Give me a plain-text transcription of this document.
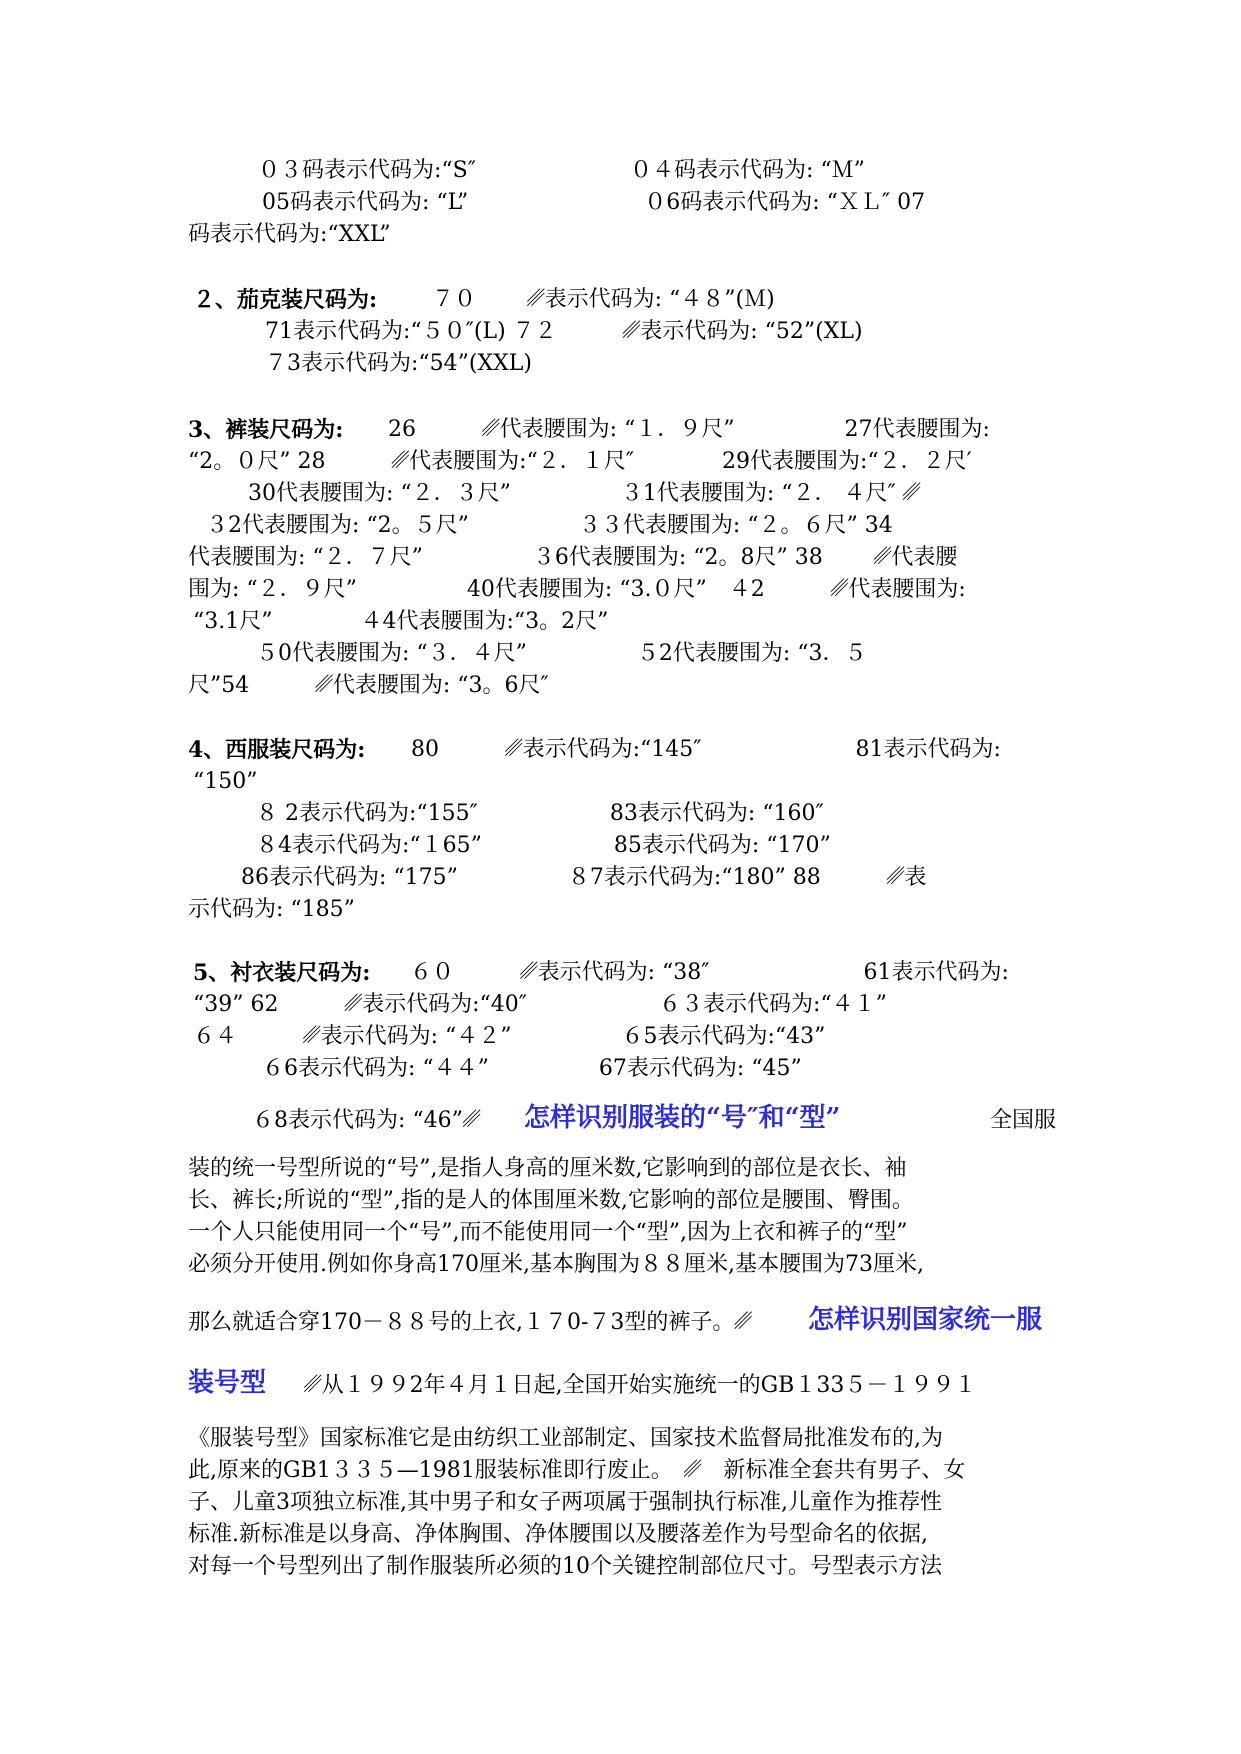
０３码表示代码为:“S″　　　　　　　０４码表示代码为: “Ｍ”
05码表示代码为: “L”　　　　　　　　０6码表示代码为: “ＸＬ″ 07
码表示代码为:“XXL”
２、茄克装尺码为: ７０　　 ␥表示代码为: “４８”(Ｍ)
71表示代码为:“５０″(L) ７２　　　␥表示代码为: “52”(XL)
７3表示代码为:“54”(XXL)
3、裤装尺码为: 26　　　␥代表腰围为: “１．９尺”　　　　　27代表腰围为:
“2。０尺” 28　　　␥代表腰围为:“２．１尺″　　　　29代表腰围为:“２．２尺′
30代表腰围为: “２．３尺”　　　　　３1代表腰围为: “２． ４尺″ ␥
３2代表腰围为: “2。５尺”　　　　　３３代表腰围为: “２。６尺” 34
代表腰围为: “２．７尺”　　　　　３6代表腰围为: “2。8尺” 38　　 ␥代表腰
围为: “２．９尺”　　　　　40代表腰围为: “3.０尺”　４2　　　␥代表腰围为:
“3.1尺”　　　　４4代表腰围为:“3。2尺”
５0代表腰围为: “３．４尺”　　　　　５2代表腰围为: “3．５
尺”54　　　␥代表腰围为: “3。6尺″
4、西服装尺码为: 80　　　␥表示代码为:“145″　　　　　　　81表示代码为:
“150”
８ 2表示代码为:“155″　　　　　　83表示代码为: “160″
８4表示代码为:“１65”　　　　　　85表示代码为: “170”
86表示代码为: “175”　　　　　８7表示代码为:“180” 88　　　␥表
示代码为: “185”
5、衬衣装尺码为: ６０　　　␥表示代码为: “38″　　　　　　　61表示代码为:
“39” 62　　　␥表示代码为:“40″　　　　　　６３表示代码为:“４１”
６４　　　␥表示代码为: “４２”　　　　　６5表示代码为:“43”
６6表示代码为: “４４”　　　　　67表示代码为: “45”
６8表示代码为: “46”␥ 怎样识别服装的“号″和“型”	全国服
装的统一号型所说的“号”,是指人身高的厘米数,它影响到的部位是衣长、袖
长、裤长;所说的“型”,指的是人的体围厘米数,它影响的部位是腰围、臀围。
一个人只能使用同一个“号”,而不能使用同一个“型”,因为上衣和裤子的“型”
必须分开使用.例如你身高170厘米,基本胸围为８８厘米,基本腰围为73厘米,
那么就适合穿170－８８号的上衣,１７0-７3型的裤子。␥ 怎样识别国家统一服
装号型 ␥从１９９2年４月１日起,全国开始实施统一的GB１33５－１９９１
《服装号型》国家标准它是由纺织工业部制定、国家技术监督局批准发布的,为
此,原来的GB1３３５—1981服装标准即行废止。　␥　新标准全套共有男子、女
子、儿童3项独立标准,其中男子和女子两项属于强制执行标准,儿童作为推荐性
标准.新标准是以身高、净体胸围、净体腰围以及腰落差作为号型命名的依据,
对每一个号型列出了制作服装所必须的10个关键控制部位尺寸。号型表示方法
